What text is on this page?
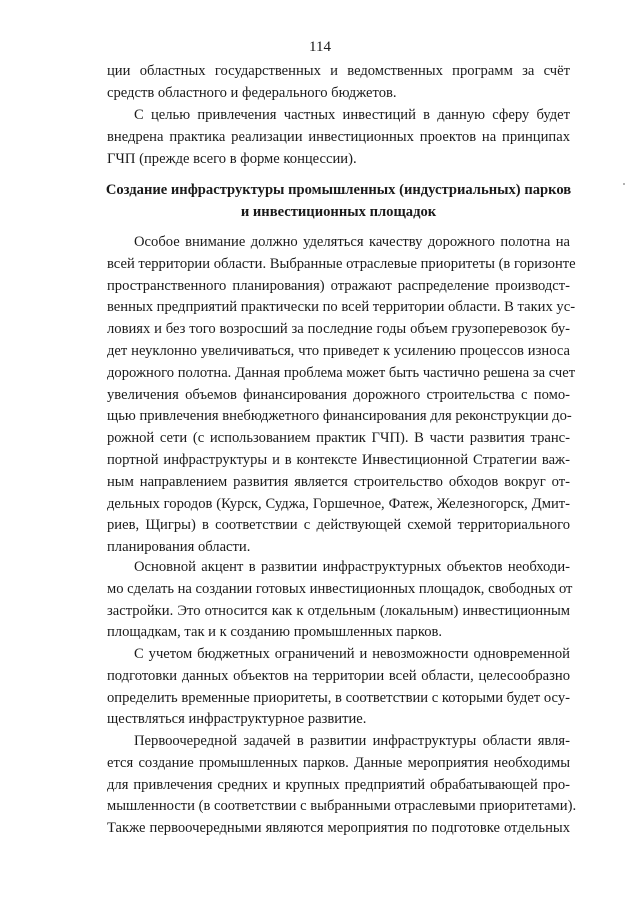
114
ции областных государственных и ведомственных программ за счёт
средств областного и федерального бюджетов.
С целью привлечения частных инвестиций в данную сферу будет
внедрена практика реализации инвестиционных проектов на принципах
ГЧП (прежде всего в форме концессии).
Создание инфраструктуры промышленных (индустриальных) парков
и инвестиционных площадок
Особое внимание должно уделяться качеству дорожного полотна на
всей территории области. Выбранные отраслевые приоритеты (в горизонте
пространственного планирования) отражают распределение производст-
венных предприятий практически по всей территории области. В таких ус-
ловиях и без того возросший за последние годы объем грузоперевозок бу-
дет неуклонно увеличиваться, что приведет к усилению процессов износа
дорожного полотна. Данная проблема может быть частично решена за счет
увеличения объемов финансирования дорожного строительства с помо-
щью привлечения внебюджетного финансирования для реконструкции до-
рожной сети (с использованием практик ГЧП). В части развития транс-
портной инфраструктуры и в контексте Инвестиционной Стратегии важ-
ным направлением развития является строительство обходов вокруг от-
дельных городов (Курск, Суджа, Горшечное, Фатеж, Железногорск, Дмит-
риев, Щигры) в соответствии с действующей схемой территориального
планирования области.
Основной акцент в развитии инфраструктурных объектов необходи-
мо сделать на создании готовых инвестиционных площадок, свободных от
застройки. Это относится как к отдельным (локальным) инвестиционным
площадкам, так и к созданию промышленных парков.
С учетом бюджетных ограничений и невозможности одновременной
подготовки данных объектов на территории всей области, целесообразно
определить временные приоритеты, в соответствии с которыми будет осу-
ществляться инфраструктурное развитие.
Первоочередной задачей в развитии инфраструктуры области явля-
ется создание промышленных парков. Данные мероприятия необходимы
для привлечения средних и крупных предприятий обрабатывающей про-
мышленности (в соответствии с выбранными отраслевыми приоритетами).
Также первоочередными являются мероприятия по подготовке отдельных
